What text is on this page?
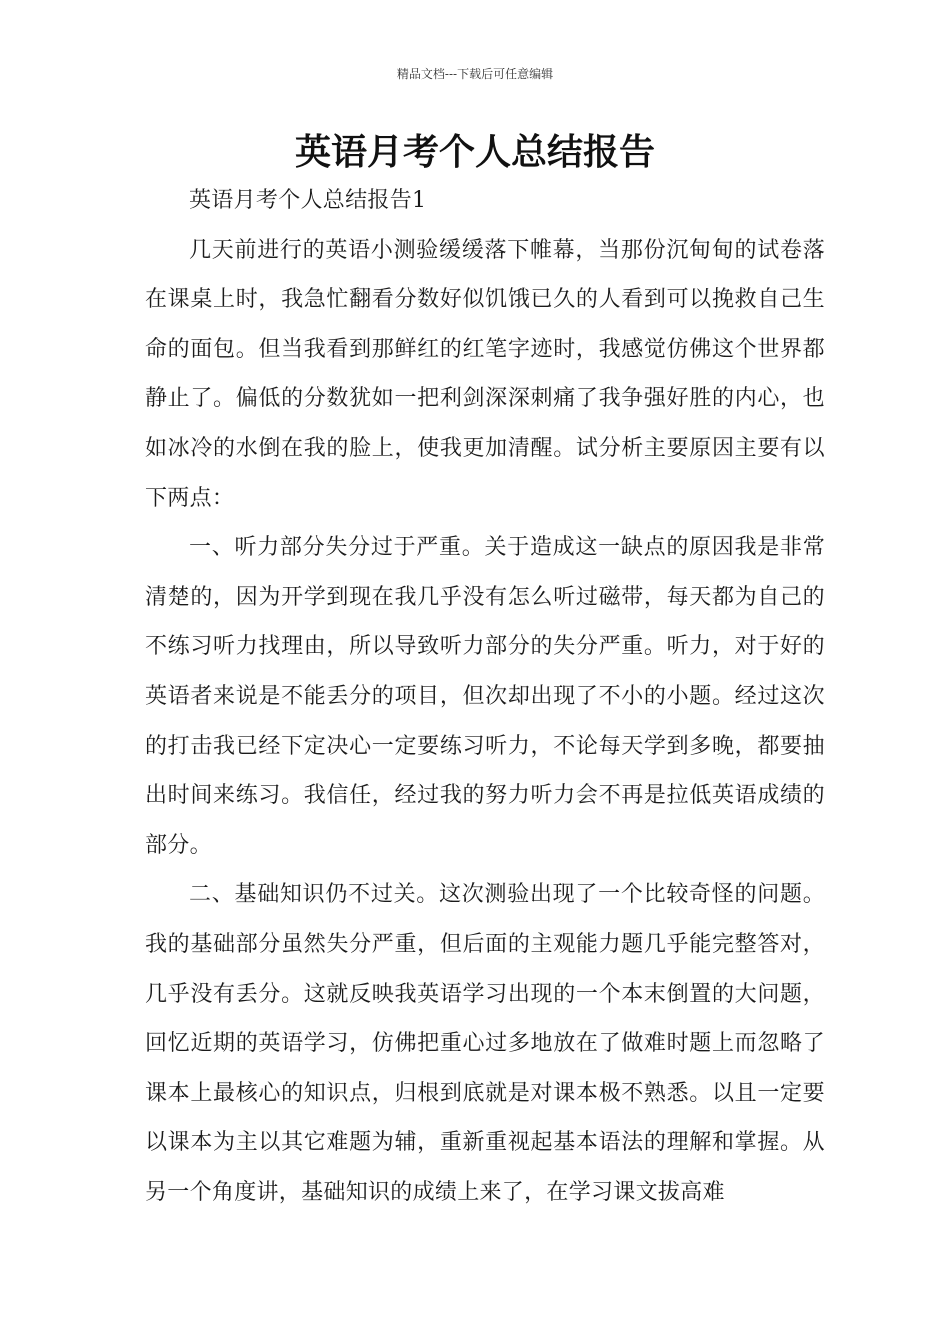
精品文档---下载后可任意编辑
英语月考个人总结报告

英语月考个人总结报告1

几天前进行的英语小测验缓缓落下帷幕，当那份沉甸甸的试卷落在课桌上时，我急忙翻看分数好似饥饿已久的人看到可以挽救自己生命的面包。但当我看到那鲜红的红笔字迹时，我感觉仿佛这个世界都静止了。偏低的分数犹如一把利剑深深刺痛了我争强好胜的内心，也如冰冷的水倒在我的脸上，使我更加清醒。试分析主要原因主要有以下两点：

一、听力部分失分过于严重。关于造成这一缺点的原因我是非常清楚的，因为开学到现在我几乎没有怎么听过磁带，每天都为自己的不练习听力找理由，所以导致听力部分的失分严重。听力，对于好的英语者来说是不能丢分的项目，但次却出现了不小的小题。经过这次的打击我已经下定决心一定要练习听力，不论每天学到多晚，都要抽出时间来练习。我信任，经过我的努力听力会不再是拉低英语成绩的部分。

二、基础知识仍不过关。这次测验出现了一个比较奇怪的问题。我的基础部分虽然失分严重，但后面的主观能力题几乎能完整答对，几乎没有丢分。这就反映我英语学习出现的一个本末倒置的大问题，回忆近期的英语学习，仿佛把重心过多地放在了做难时题上而忽略了课本上最核心的知识点，归根到底就是对课本极不熟悉。以且一定要以课本为主以其它难题为辅，重新重视起基本语法的理解和掌握。从另一个角度讲，基础知识的成绩上来了，在学习课文拔高难
